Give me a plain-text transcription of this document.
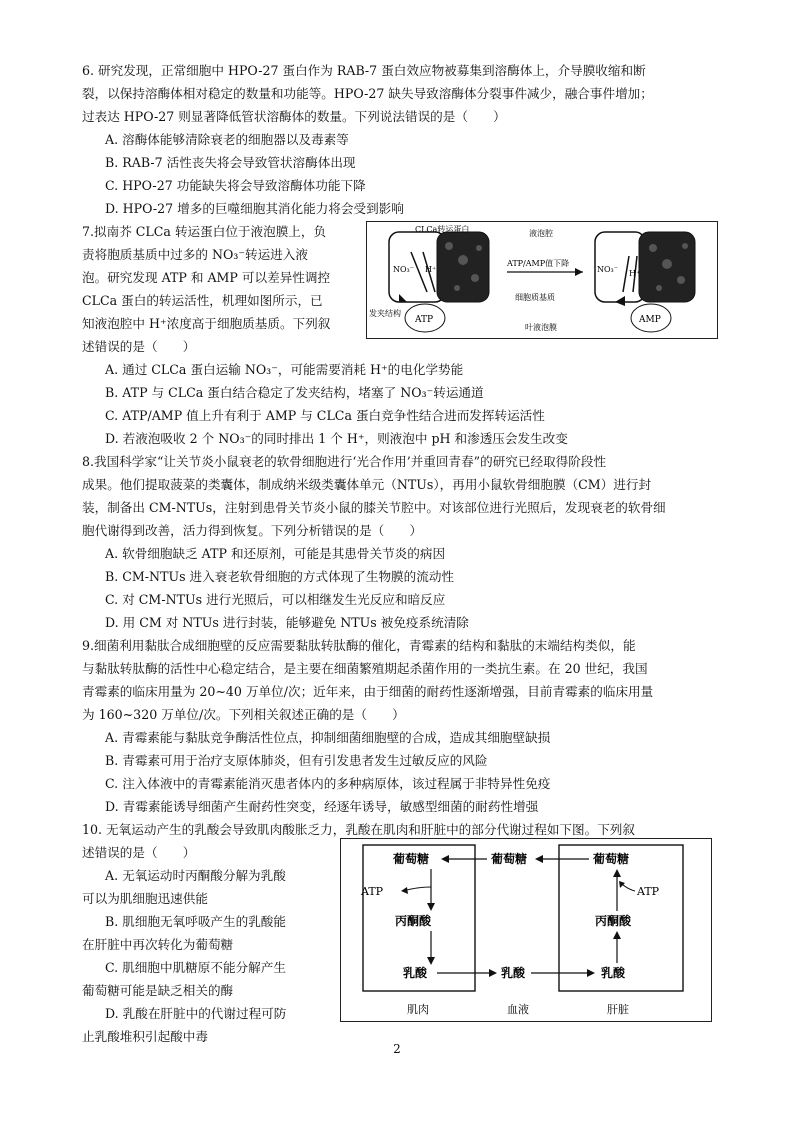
6. 研究发现，正常细胞中 HPO-27 蛋白作为 RAB-7 蛋白效应物被募集到溶酶体上，介导膜收缩和断
裂，以保持溶酶体相对稳定的数量和功能等。HPO-27 缺失导致溶酶体分裂事件减少，融合事件增加；
过表达 HPO-27 则显著降低管状溶酶体的数量。下列说法错误的是（　　）
A. 溶酶体能够清除衰老的细胞器以及毒素等
B. RAB-7 活性丧失将会导致管状溶酶体出现
C. HPO-27 功能缺失将会导致溶酶体功能下降
D. HPO-27 增多的巨噬细胞其消化能力将会受到影响
7.拟南芥 CLCa 转运蛋白位于液泡膜上，负
责将胞质基质中过多的 NO₃⁻转运进入液
泡。研究发现 ATP 和 AMP 可以差异性调控
CLCa 蛋白的转运活性，机理如图所示，已
知液泡腔中 H⁺浓度高于细胞质基质。下列叙
述错误的是（　　）
ATP
NO₃⁻ H⁺
CLCa转运蛋白
发夹结构
液泡腔
ATP/AMP值下降
细胞质基质
叶液泡膜
AMP
NO₃⁻ H⁺
A. 通过 CLCa 蛋白运输 NO₃⁻，可能需要消耗 H⁺的电化学势能
B. ATP 与 CLCa 蛋白结合稳定了发夹结构，堵塞了 NO₃⁻转运通道
C. ATP/AMP 值上升有利于 AMP 与 CLCa 蛋白竞争性结合进而发挥转运活性
D. 若液泡吸收 2 个 NO₃⁻的同时排出 1 个 H⁺，则液泡中 pH 和渗透压会发生改变
8.我国科学家“让关节炎小鼠衰老的软骨细胞进行‘光合作用’并重回青春”的研究已经取得阶段性
成果。他们提取菠菜的类囊体，制成纳米级类囊体单元（NTUs），再用小鼠软骨细胞膜（CM）进行封
装，制备出 CM-NTUs，注射到患骨关节炎小鼠的膝关节腔中。对该部位进行光照后，发现衰老的软骨细
胞代谢得到改善，活力得到恢复。下列分析错误的是（　　）
A. 软骨细胞缺乏 ATP 和还原剂，可能是其患骨关节炎的病因
B. CM-NTUs 进入衰老软骨细胞的方式体现了生物膜的流动性
C. 对 CM-NTUs 进行光照后，可以相继发生光反应和暗反应
D. 用 CM 对 NTUs 进行封装，能够避免 NTUs 被免疫系统清除
9.细菌利用黏肽合成细胞壁的反应需要黏肽转肽酶的催化，青霉素的结构和黏肽的末端结构类似，能
与黏肽转肽酶的活性中心稳定结合，是主要在细菌繁殖期起杀菌作用的一类抗生素。在 20 世纪，我国
青霉素的临床用量为 20~40 万单位/次；近年来，由于细菌的耐药性逐渐增强，目前青霉素的临床用量
为 160~320 万单位/次。下列相关叙述正确的是（　　）
A. 青霉素能与黏肽竞争酶活性位点，抑制细菌细胞壁的合成，造成其细胞壁缺损
B. 青霉素可用于治疗支原体肺炎，但有引发患者发生过敏反应的风险
C. 注入体液中的青霉素能消灭患者体内的多种病原体，该过程属于非特异性免疫
D. 青霉素能诱导细菌产生耐药性突变，经逐年诱导，敏感型细菌的耐药性增强
10. 无氧运动产生的乳酸会导致肌肉酸胀乏力，乳酸在肌肉和肝脏中的部分代谢过程如下图。下列叙
述错误的是（　　）
A. 无氧运动时丙酮酸分解为乳酸
可以为肌细胞迅速供能
B. 肌细胞无氧呼吸产生的乳酸能
在肝脏中再次转化为葡萄糖
C. 肌细胞中肌糖原不能分解产生
葡萄糖可能是缺乏相关的酶
D. 乳酸在肝脏中的代谢过程可防
止乳酸堆积引起酸中毒
葡萄糖	葡萄糖	葡萄糖
丙酮酸	丙酮酸
乳酸	乳酸	乳酸
ATP	ATP
肌肉	血液	肝脏
2
